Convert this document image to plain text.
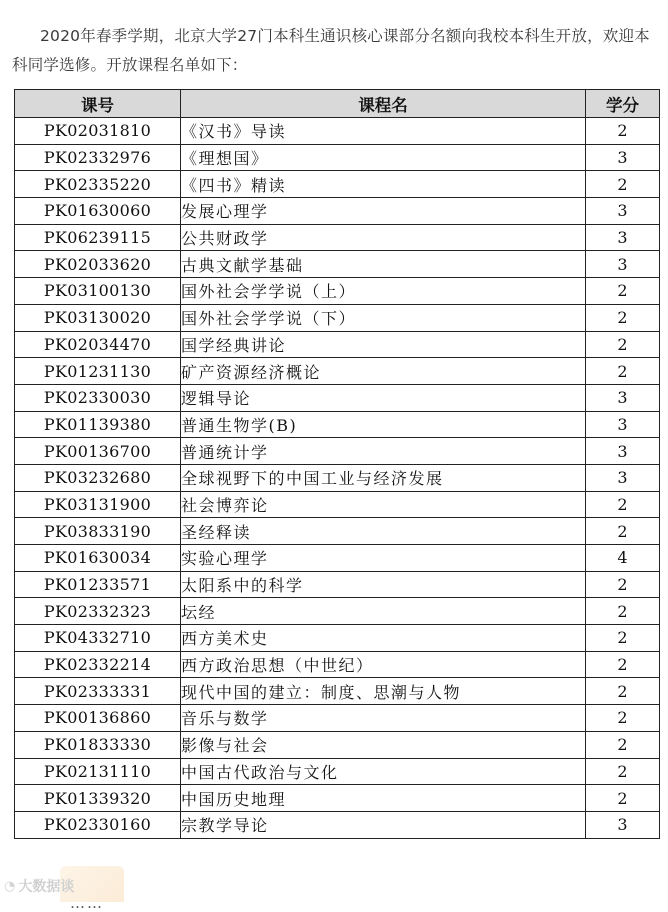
2020年春季学期，北京大学27门本科生通识核心课部分名额向我校本科生开放，欢迎本科同学选修。开放课程名单如下：

课号	课程名	学分
PK02031810	《汉书》导读	2
PK02332976	《理想国》	3
PK02335220	《四书》精读	2
PK01630060	发展心理学	3
PK06239115	公共财政学	3
PK02033620	古典文献学基础	3
PK03100130	国外社会学学说（上）	2
PK03130020	国外社会学学说（下）	2
PK02034470	国学经典讲论	2
PK01231130	矿产资源经济概论	2
PK02330030	逻辑导论	3
PK01139380	普通生物学(B)	3
PK00136700	普通统计学	3
PK03232680	全球视野下的中国工业与经济发展	3
PK03131900	社会博弈论	2
PK03833190	圣经释读	2
PK01630034	实验心理学	4
PK01233571	太阳系中的科学	2
PK02332323	坛经	2
PK04332710	西方美术史	2
PK02332214	西方政治思想（中世纪）	2
PK02333331	现代中国的建立：制度、思潮与人物	2
PK00136860	音乐与数学	2
PK01833330	影像与社会	2
PK02131110	中国古代政治与文化	2
PK01339320	中国历史地理	2
PK02330160	宗教学导论	3
◔ 大数据谈
……
